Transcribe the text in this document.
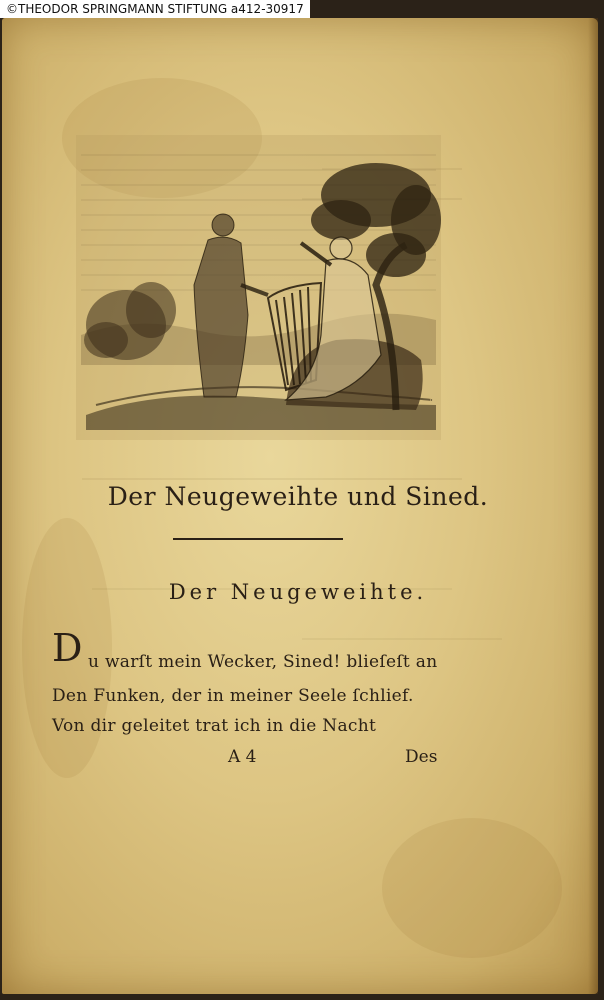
©THEODOR SPRINGMANN STIFTUNG a412-30917
Der Neugeweihte und Sined.
Der Neugeweihte.
D u warſt mein Wecker, Sined! blieſeſt an
Den Funken, der in meiner Seele ſchlief.
Von dir geleitet trat ich in die Nacht
A 4	Des
